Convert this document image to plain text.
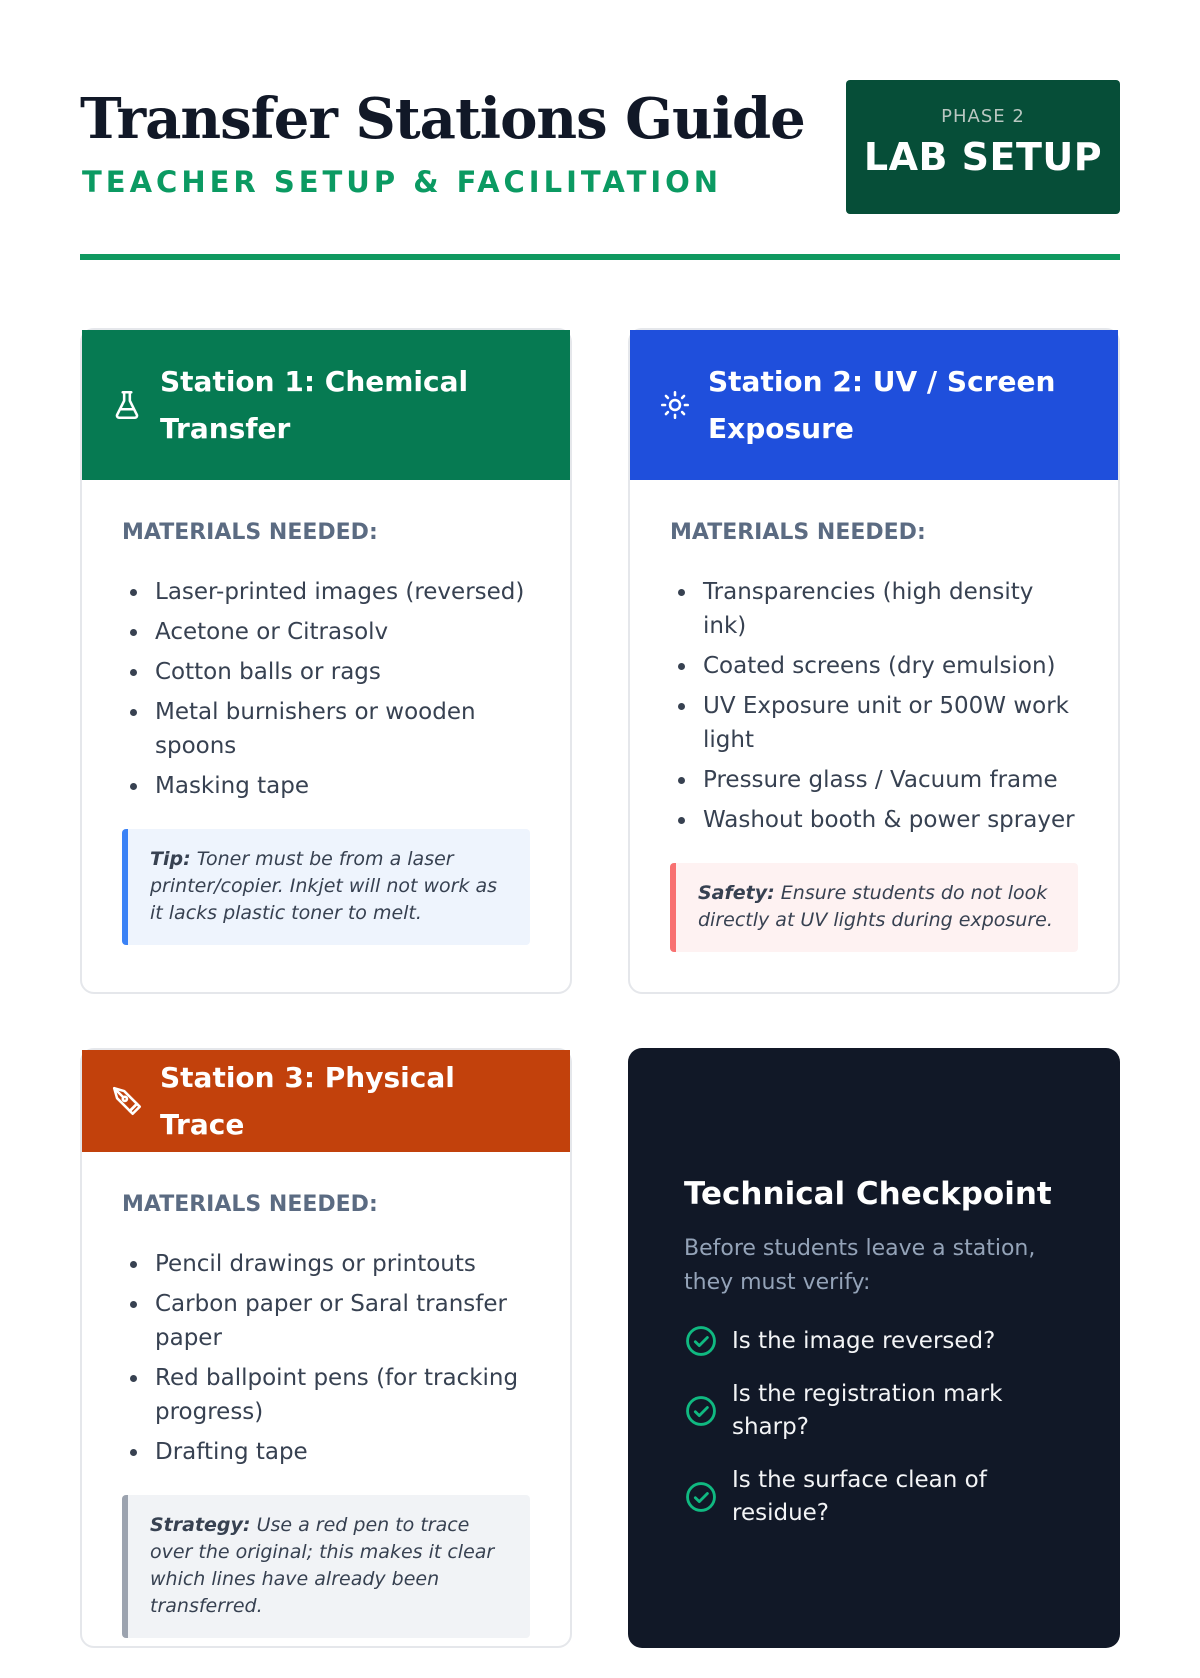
Transfer Stations Guide
TEACHER SETUP & FACILITATION
PHASE 2
LAB SETUP
Station 1: Chemical Transfer
MATERIALS NEEDED:
Laser-printed images (reversed)
Acetone or Citrasolv
Cotton balls or rags
Metal burnishers or wooden spoons
Masking tape
Tip: Toner must be from a laser printer/copier. Inkjet will not work as it lacks plastic toner to melt.
Station 2: UV / Screen Exposure
MATERIALS NEEDED:
Transparencies (high density ink)
Coated screens (dry emulsion)
UV Exposure unit or 500W work light
Pressure glass / Vacuum frame
Washout booth & power sprayer
Safety: Ensure students do not look directly at UV lights during exposure.
Station 3: Physical Trace
MATERIALS NEEDED:
Pencil drawings or printouts
Carbon paper or Saral transfer paper
Red ballpoint pens (for tracking progress)
Drafting tape
Strategy: Use a red pen to trace over the original; this makes it clear which lines have already been transferred.
Technical Checkpoint
Before students leave a station, they must verify:
Is the image reversed?
Is the registration mark sharp?
Is the surface clean of residue?
